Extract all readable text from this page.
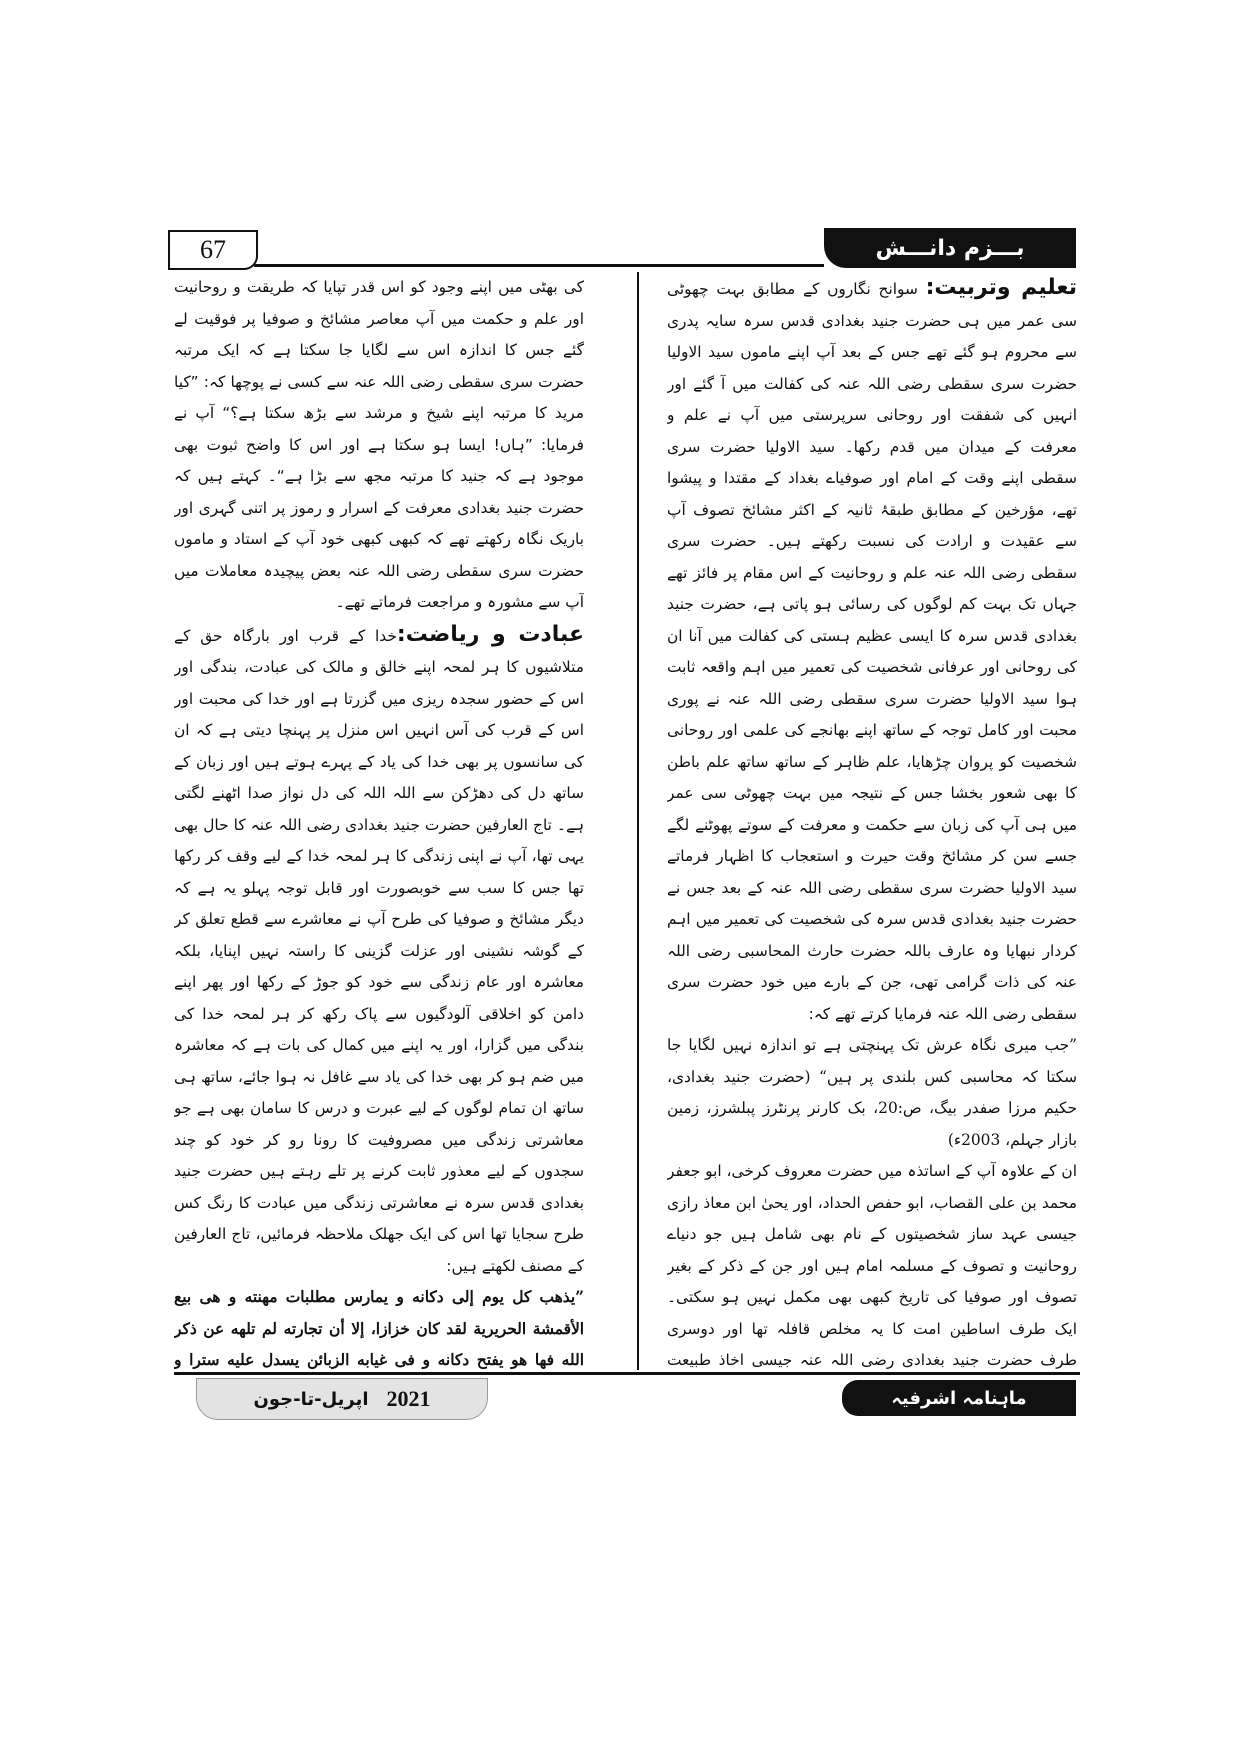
67	بـــزم دانـــش

تعلیم وتربیت: سوانح نگاروں کے مطابق بہت چھوٹی سی عمر میں ہی حضرت جنید بغدادی قدس سرہ سایہ پدری سے محروم ہو گئے تھے جس کے بعد آپ اپنے ماموں سید الاولیا حضرت سری سقطی رضی اللہ عنہ کی کفالت میں آ گئے اور انہیں کی شفقت اور روحانی سرپرستی میں آپ نے علم و معرفت کے میدان میں قدم رکھا۔ سید الاولیا حضرت سری سقطی اپنے وقت کے امام اور صوفیاے بغداد کے مقتدا و پیشوا تھے، مؤرخین کے مطابق طبقۂ ثانیہ کے اکثر مشائخ تصوف آپ سے عقیدت و ارادت کی نسبت رکھتے ہیں۔ حضرت سری سقطی رضی اللہ عنہ علم و روحانیت کے اس مقام پر فائز تھے جہاں تک بہت کم لوگوں کی رسائی ہو پاتی ہے، حضرت جنید بغدادی قدس سرہ کا ایسی عظیم ہستی کی کفالت میں آنا ان کی روحانی اور عرفانی شخصیت کی تعمیر میں اہم واقعہ ثابت ہوا سید الاولیا حضرت سری سقطی رضی اللہ عنہ نے پوری محبت اور کامل توجہ کے ساتھ اپنے بھانجے کی علمی اور روحانی شخصیت کو پروان چڑھایا، علم ظاہر کے ساتھ ساتھ علم باطن کا بھی شعور بخشا جس کے نتیجہ میں بہت چھوٹی سی عمر میں ہی آپ کی زبان سے حکمت و معرفت کے سوتے پھوٹنے لگے جسے سن کر مشائخ وقت حیرت و استعجاب کا اظہار فرماتے سید الاولیا حضرت سری سقطی رضی اللہ عنہ کے بعد جس نے حضرت جنید بغدادی قدس سرہ کی شخصیت کی تعمیر میں اہم کردار نبھایا وہ عارف باللہ حضرت حارث المحاسبی رضی اللہ عنہ کی ذات گرامی تھی، جن کے بارے میں خود حضرت سری سقطی رضی اللہ عنہ فرمایا کرتے تھے کہ:

”جب میری نگاہ عرش تک پہنچتی ہے تو اندازہ نہیں لگایا جا سکتا کہ محاسبی کس بلندی پر ہیں“ (حضرت جنید بغدادی، حکیم مرزا صفدر بیگ، ص:20، بک کارنر پرنٹرز پبلشرز، زمین بازار جہلم، 2003ء)

ان کے علاوہ آپ کے اساتذہ میں حضرت معروف کرخی، ابو جعفر محمد بن علی القصاب، ابو حفص الحداد، اور یحیٰ ابن معاذ رازی جیسی عہد ساز شخصیتوں کے نام بھی شامل ہیں جو دنیاے روحانیت و تصوف کے مسلمہ امام ہیں اور جن کے ذکر کے بغیر تصوف اور صوفیا کی تاریخ کبھی بھی مکمل نہیں ہو سکتی۔ ایک طرف اساطین امت کا یہ مخلص قافلہ تھا اور دوسری طرف حضرت جنید بغدادی رضی اللہ عنہ جیسی اخاذ طبیعت

کی بھٹی میں اپنے وجود کو اس قدر تپایا کہ طریقت و روحانیت اور علم و حکمت میں آپ معاصر مشائخ و صوفیا پر فوقیت لے گئے جس کا اندازہ اس سے لگایا جا سکتا ہے کہ ایک مرتبہ حضرت سری سقطی رضی اللہ عنہ سے کسی نے پوچھا کہ: ”کیا مرید کا مرتبہ اپنے شیخ و مرشد سے بڑھ سکتا ہے؟“ آپ نے فرمایا: ”ہاں! ایسا ہو سکتا ہے اور اس کا واضح ثبوت بھی موجود ہے کہ جنید کا مرتبہ مجھ سے بڑا ہے“۔ کہتے ہیں کہ حضرت جنید بغدادی معرفت کے اسرار و رموز پر اتنی گہری اور باریک نگاہ رکھتے تھے کہ کبھی کبھی خود آپ کے استاد و ماموں حضرت سری سقطی رضی اللہ عنہ بعض پیچیدہ معاملات میں آپ سے مشورہ و مراجعت فرماتے تھے۔

عبادت و ریاضت:خدا کے قرب اور بارگاہ حق کے متلاشیوں کا ہر لمحہ اپنے خالق و مالک کی عبادت، بندگی اور اس کے حضور سجدہ ریزی میں گزرتا ہے اور خدا کی محبت اور اس کے قرب کی آس انہیں اس منزل پر پہنچا دیتی ہے کہ ان کی سانسوں پر بھی خدا کی یاد کے پہرے ہوتے ہیں اور زبان کے ساتھ دل کی دھڑکن سے اللہ اللہ کی دل نواز صدا اٹھنے لگتی ہے۔ تاج العارفین حضرت جنید بغدادی رضی اللہ عنہ کا حال بھی یہی تھا، آپ نے اپنی زندگی کا ہر لمحہ خدا کے لیے وقف کر رکھا تھا جس کا سب سے خوبصورت اور قابل توجہ پہلو یہ ہے کہ دیگر مشائخ و صوفیا کی طرح آپ نے معاشرے سے قطع تعلق کر کے گوشہ نشینی اور عزلت گزینی کا راستہ نہیں اپنایا، بلکہ معاشرہ اور عام زندگی سے خود کو جوڑ کے رکھا اور پھر اپنے دامن کو اخلاقی آلودگیوں سے پاک رکھ کر ہر لمحہ خدا کی بندگی میں گزارا، اور یہ اپنے میں کمال کی بات ہے کہ معاشرہ میں ضم ہو کر بھی خدا کی یاد سے غافل نہ ہوا جائے، ساتھ ہی ساتھ ان تمام لوگوں کے لیے عبرت و درس کا سامان بھی ہے جو معاشرتی زندگی میں مصروفیت کا رونا رو کر خود کو چند سجدوں کے لیے معذور ثابت کرنے پر تلے رہتے ہیں حضرت جنید بغدادی قدس سرہ نے معاشرتی زندگی میں عبادت کا رنگ کس طرح سجایا تھا اس کی ایک جھلک ملاحظہ فرمائیں، تاج العارفین کے مصنف لکھتے ہیں:

”یذهب کل یوم إلی دکانه و یمارس مطلبات مهنته و هی بیع الأقمشة الحریریة لقد کان خزازا، إلا أن تجارته لم تلهه عن ذکر الله فها هو یفتح دکانه و فی غیابه الزبائن یسدل علیه سترا و

اپریل-تا-جون 2021	ماہنامہ اشرفیہ
